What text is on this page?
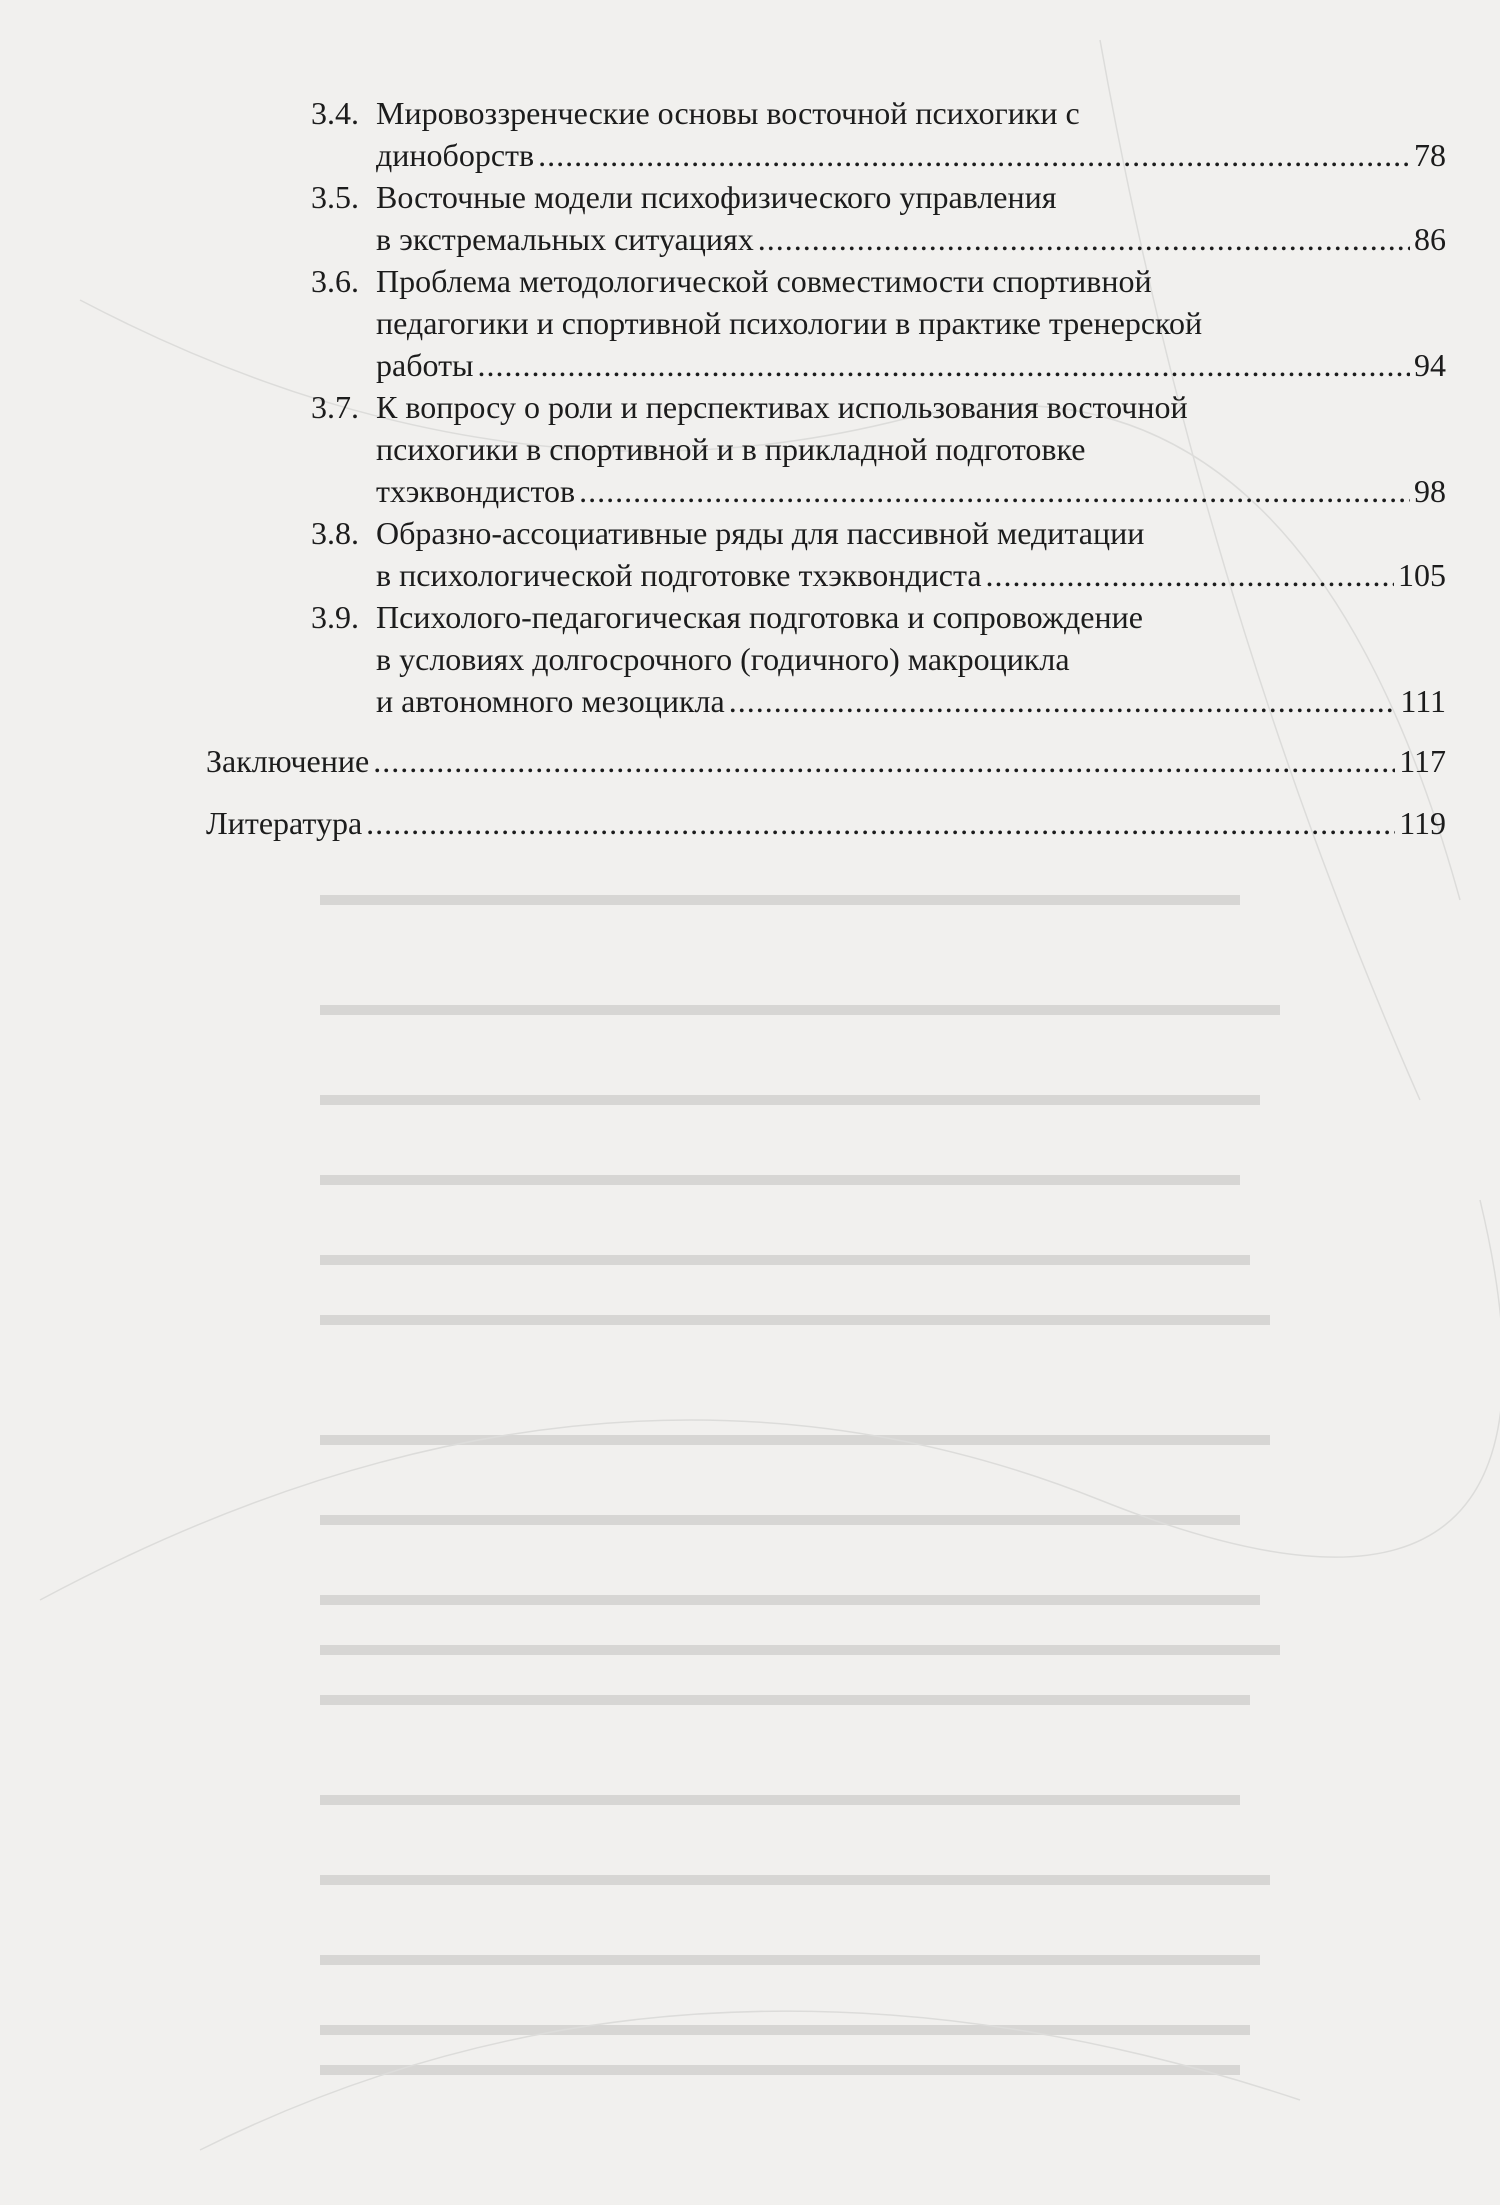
3.4. Мировоззренческие основы восточной психогики с
динoборств .....	78
3.5. Восточные модели психофизического управления
в экстремальных ситуациях .....	86
3.6. Проблема методологической совместимости спортивной
педагогики и спортивной психологии в практике тренерской
работы .....	94
3.7. К вопросу о роли и перспективах использования восточной
психогики в спортивной и в прикладной подготовке
тхэквондистов .....	98
3.8. Образно-ассоциативные ряды для пассивной медитации
в психологической подготовке тхэквондиста .....	105
3.9. Психолого-педагогическая подготовка и сопровождение
в условиях долгосрочного (годичного) макроцикла
и автономного мезоцикла .....	111
Заключение .....	117
Литература .....	119
